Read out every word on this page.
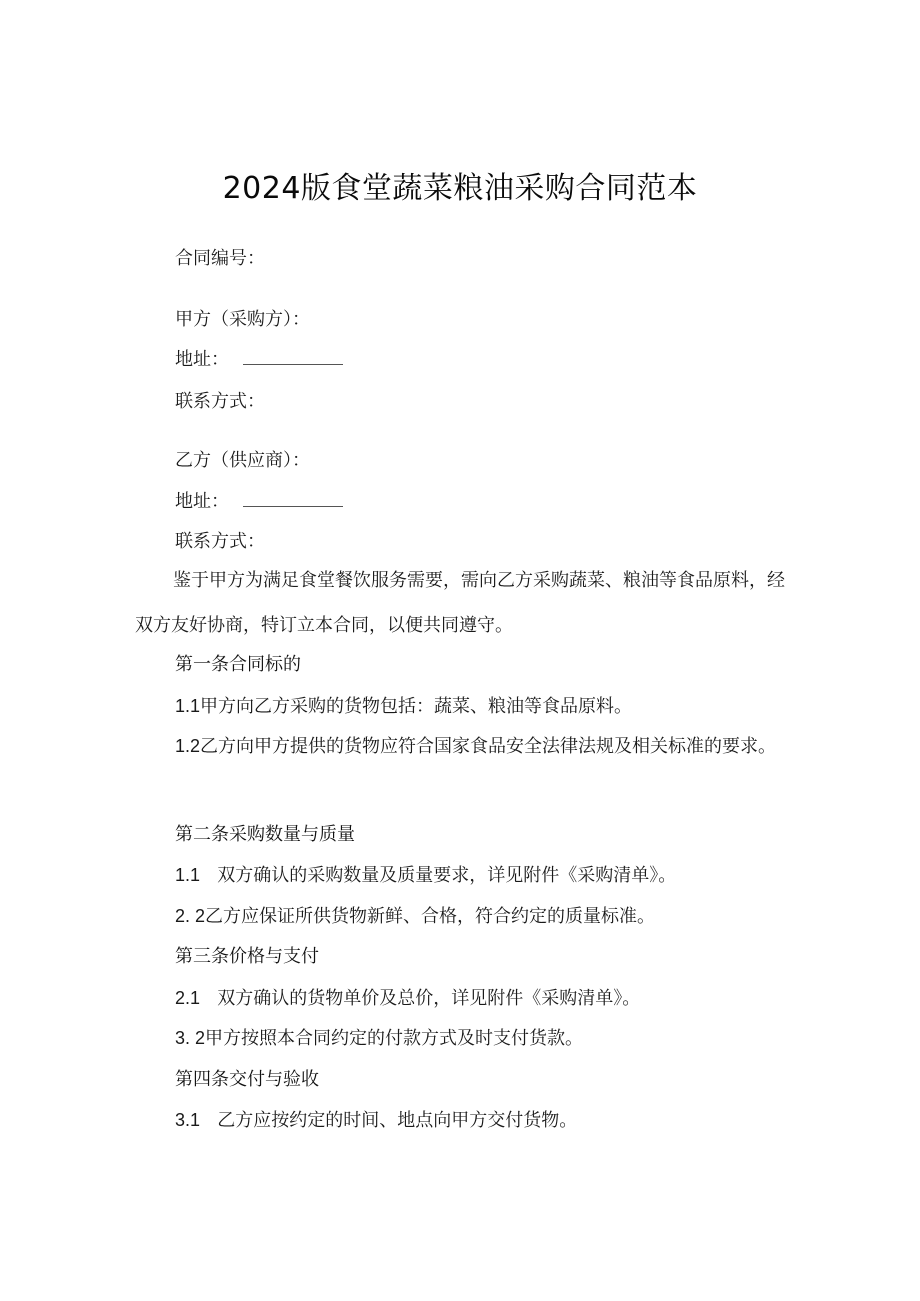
2024版食堂蔬菜粮油采购合同范本
合同编号：
甲方（采购方）：
地址：
联系方式：
乙方（供应商）：
地址：
联系方式：
鉴于甲方为满足食堂餐饮服务需要，需向乙方采购蔬菜、粮油等食品原料，经双方友好协商，特订立本合同，以便共同遵守。
第一条合同标的
1.1甲方向乙方采购的货物包括：蔬菜、粮油等食品原料。
1.2乙方向甲方提供的货物应符合国家食品安全法律法规及相关标准的要求。
第二条采购数量与质量
1.1 双方确认的采购数量及质量要求，详见附件《采购清单》。
2. 2乙方应保证所供货物新鲜、合格，符合约定的质量标准。
第三条价格与支付
2.1 双方确认的货物单价及总价，详见附件《采购清单》。
3. 2甲方按照本合同约定的付款方式及时支付货款。
第四条交付与验收
3.1 乙方应按约定的时间、地点向甲方交付货物。
